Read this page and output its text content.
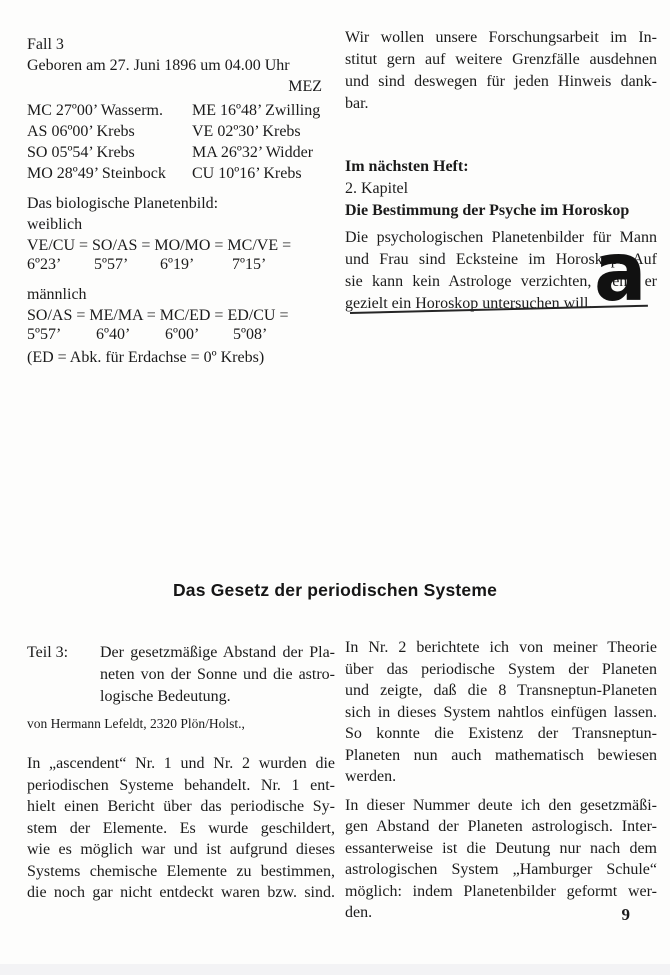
Fall 3
Geboren am 27. Juni 1896 um 04.00 Uhr
MEZ
MC 27º00’ Wasserm.	ME 16º48’ Zwilling
AS 06º00’ Krebs	VE 02º30’ Krebs
SO 05º54’ Krebs	MA 26º32’ Widder
MO 28º49’ Steinbock	CU 10º16’ Krebs
Das biologische Planetenbild:
weiblich
VE/CU = SO/AS = MO/MO = MC/VE =
6º23’ 5º57’ 6º19’ 7º15’
männlich
SO/AS = ME/MA = MC/ED = ED/CU =
5º57’ 6º40’ 6º00’ 5º08’
(ED = Abk. für Erdachse = 0º Krebs)
Wir wollen unsere Forschungsarbeit im In-
stitut gern auf weitere Grenzfälle ausdehnen
und sind deswegen für jeden Hinweis dank-
bar.
Im nächsten Heft:
2. Kapitel
Die Bestimmung der Psyche im Horoskop
Die psychologischen Planetenbilder für Mann
und Frau sind Ecksteine im Horoskop. Auf
sie kann kein Astrologe verzichten, wenn er
gezielt ein Horoskop untersuchen will. a
Das Gesetz der periodischen Systeme
Teil 3:	Der gesetzmäßige Abstand der Pla-
neten von der Sonne und die astro-
logische Bedeutung.
von Hermann Lefeldt, 2320 Plön/Holst.,
In „ascendent“ Nr. 1 und Nr. 2 wurden die
periodischen Systeme behandelt. Nr. 1 ent-
hielt einen Bericht über das periodische Sy-
stem der Elemente. Es wurde geschildert,
wie es möglich war und ist aufgrund dieses
Systems chemische Elemente zu bestimmen,
die noch gar nicht entdeckt waren bzw. sind.
In Nr. 2 berichtete ich von meiner Theorie
über das periodische System der Planeten
und zeigte, daß die 8 Transneptun-Planeten
sich in dieses System nahtlos einfügen lassen.
So konnte die Existenz der Transneptun-
Planeten nun auch mathematisch bewiesen
werden.
In dieser Nummer deute ich den gesetzmäßi-
gen Abstand der Planeten astrologisch. Inter-
essanterweise ist die Deutung nur nach dem
astrologischen System „Hamburger Schule“
möglich: indem Planetenbilder geformt wer-
den.	9
